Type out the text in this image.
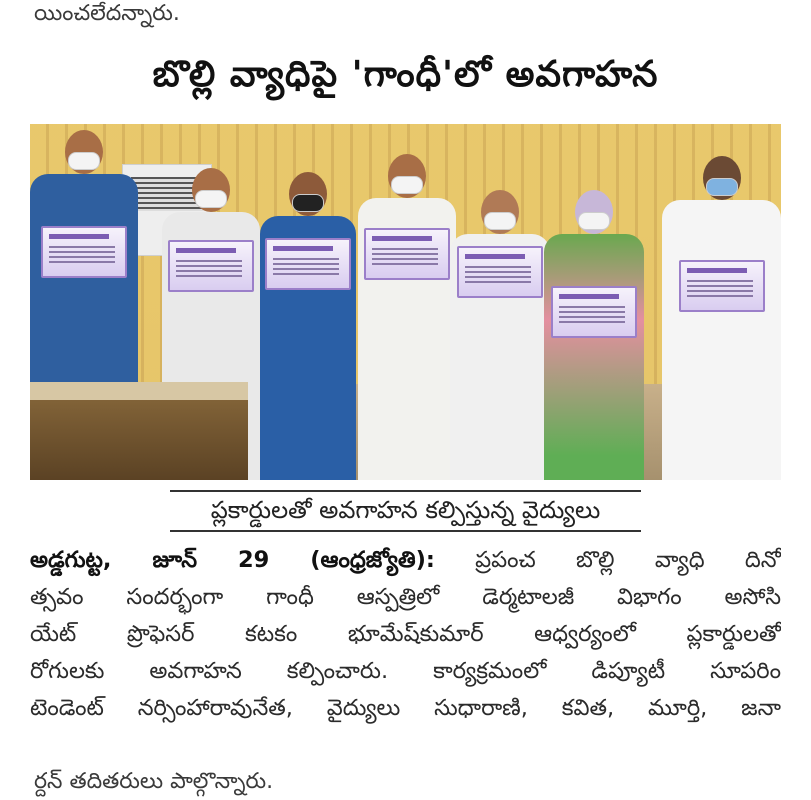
యించలేదన్నారు.
బొల్లి వ్యాధిపై 'గాంధీ'లో అవగాహన
ప్లకార్డులతో అవగాహన కల్పిస్తున్న వైద్యులు
అడ్డగుట్ట, జూన్ 29 (ఆంధ్రజ్యోతి): ప్రపంచ బొల్లి వ్యాధి దినో
త్సవం సందర్భంగా గాంధీ ఆస్పత్రిలో డెర్మటాలజీ విభాగం అసోసి
యేట్ ప్రొఫెసర్ కటకం భూమేష్‌కుమార్ ఆధ్వర్యంలో ప్లకార్డులతో
రోగులకు అవగాహన కల్పించారు. కార్యక్రమంలో డిప్యూటీ సూపరిం
టెండెంట్ నర్సింహారావునేత, వైద్యులు సుధారాణి, కవిత, మూర్తి, జనా
ర్దన్ తదితరులు పాల్గొన్నారు.
